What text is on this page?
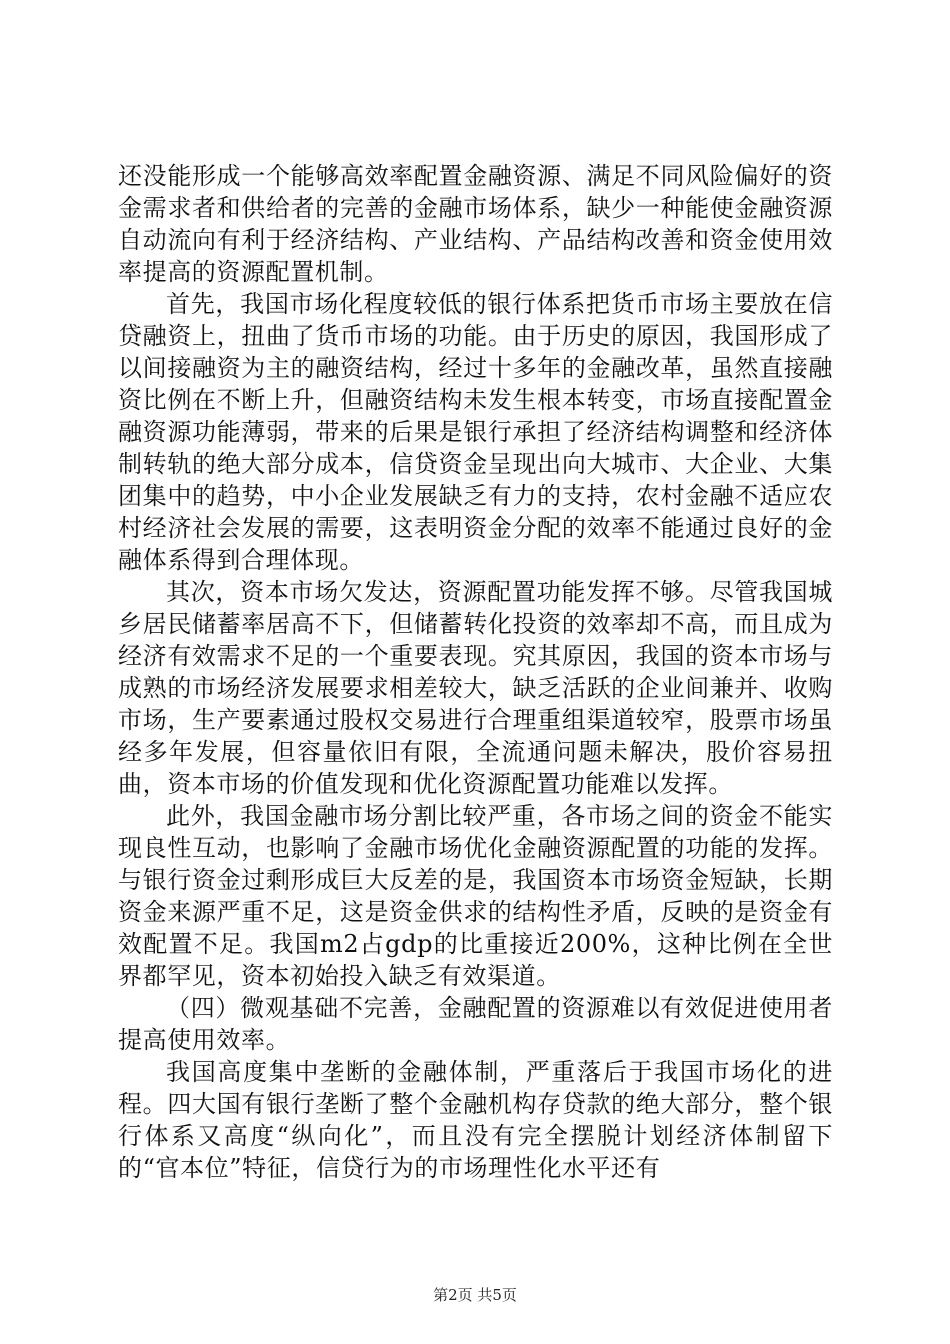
还没能形成一个能够高效率配置金融资源、满足不同风险偏好的资金需求者和供给者的完善的金融市场体系，缺少一种能使金融资源自动流向有利于经济结构、产业结构、产品结构改善和资金使用效率提高的资源配置机制。

首先，我国市场化程度较低的银行体系把货币市场主要放在信贷融资上，扭曲了货币市场的功能。由于历史的原因，我国形成了以间接融资为主的融资结构，经过十多年的金融改革，虽然直接融资比例在不断上升，但融资结构未发生根本转变，市场直接配置金融资源功能薄弱，带来的后果是银行承担了经济结构调整和经济体制转轨的绝大部分成本，信贷资金呈现出向大城市、大企业、大集团集中的趋势，中小企业发展缺乏有力的支持，农村金融不适应农村经济社会发展的需要，这表明资金分配的效率不能通过良好的金融体系得到合理体现。

其次，资本市场欠发达，资源配置功能发挥不够。尽管我国城乡居民储蓄率居高不下，但储蓄转化投资的效率却不高，而且成为经济有效需求不足的一个重要表现。究其原因，我国的资本市场与成熟的市场经济发展要求相差较大，缺乏活跃的企业间兼并、收购市场，生产要素通过股权交易进行合理重组渠道较窄，股票市场虽经多年发展，但容量依旧有限，全流通问题未解决，股价容易扭曲，资本市场的价值发现和优化资源配置功能难以发挥。

此外，我国金融市场分割比较严重，各市场之间的资金不能实现良性互动，也影响了金融市场优化金融资源配置的功能的发挥。与银行资金过剩形成巨大反差的是，我国资本市场资金短缺，长期资金来源严重不足，这是资金供求的结构性矛盾，反映的是资金有效配置不足。我国m2占gdp的比重接近200%，这种比例在全世界都罕见，资本初始投入缺乏有效渠道。

（四）微观基础不完善，金融配置的资源难以有效促进使用者提高使用效率。

我国高度集中垄断的金融体制，严重落后于我国市场化的进程。四大国有银行垄断了整个金融机构存贷款的绝大部分，整个银行体系又高度“纵向化”，而且没有完全摆脱计划经济体制留下的“官本位”特征，信贷行为的市场理性化水平还有

第2页 共5页
